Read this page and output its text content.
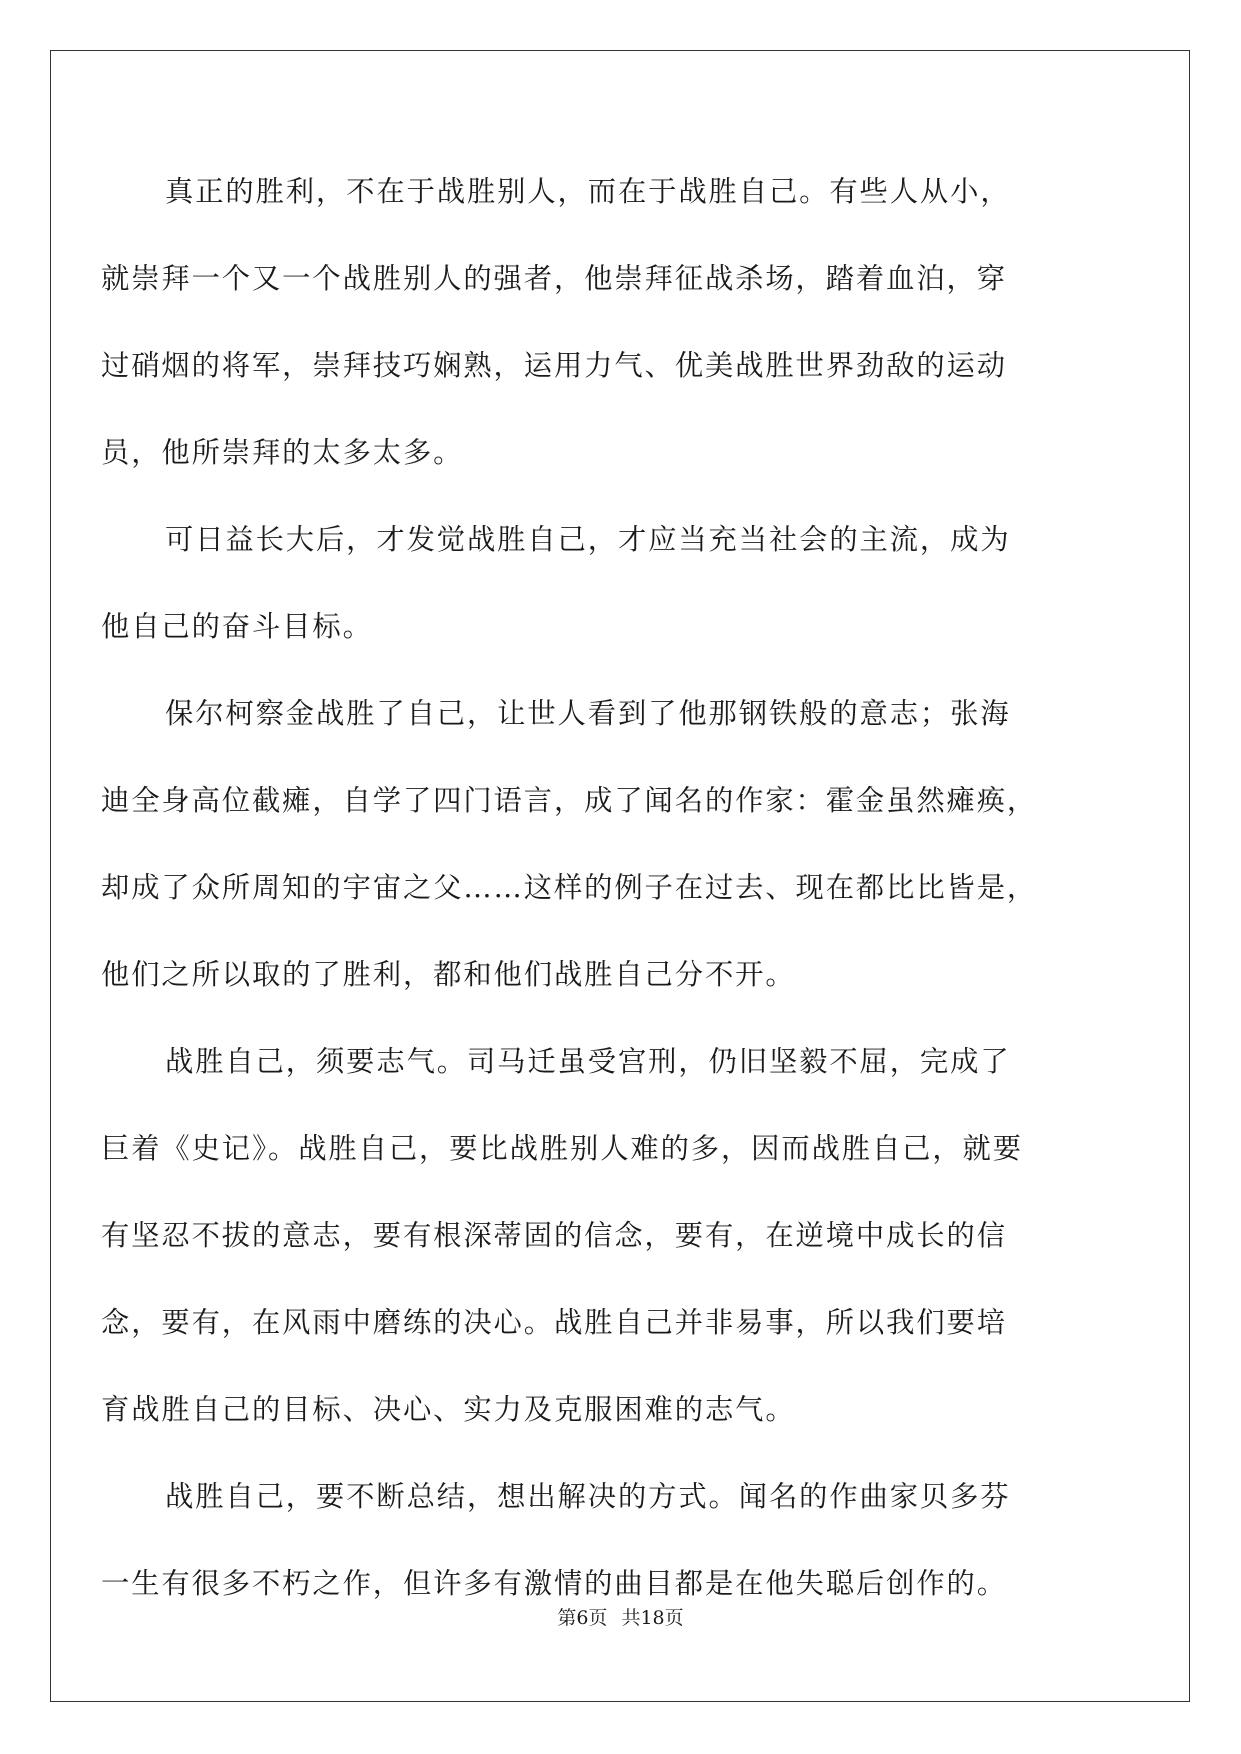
真正的胜利，不在于战胜别人，而在于战胜自己。有些人从小，
就崇拜一个又一个战胜别人的强者，他崇拜征战杀场，踏着血泊，穿
过硝烟的将军，崇拜技巧娴熟，运用力气、优美战胜世界劲敌的运动
员，他所崇拜的太多太多。
可日益长大后，才发觉战胜自己，才应当充当社会的主流，成为
他自己的奋斗目标。
保尔柯察金战胜了自己，让世人看到了他那钢铁般的意志；张海
迪全身高位截瘫，自学了四门语言，成了闻名的作家：霍金虽然瘫痪，
却成了众所周知的宇宙之父……这样的例子在过去、现在都比比皆是，
他们之所以取的了胜利，都和他们战胜自己分不开。
战胜自己，须要志气。司马迁虽受宫刑，仍旧坚毅不屈，完成了
巨着《史记》。战胜自己，要比战胜别人难的多，因而战胜自己，就要
有坚忍不拔的意志，要有根深蒂固的信念，要有，在逆境中成长的信
念，要有，在风雨中磨练的决心。战胜自己并非易事，所以我们要培
育战胜自己的目标、决心、实力及克服困难的志气。
战胜自己，要不断总结，想出解决的方式。闻名的作曲家贝多芬
一生有很多不朽之作，但许多有激情的曲目都是在他失聪后创作的。
第6页 共18页
